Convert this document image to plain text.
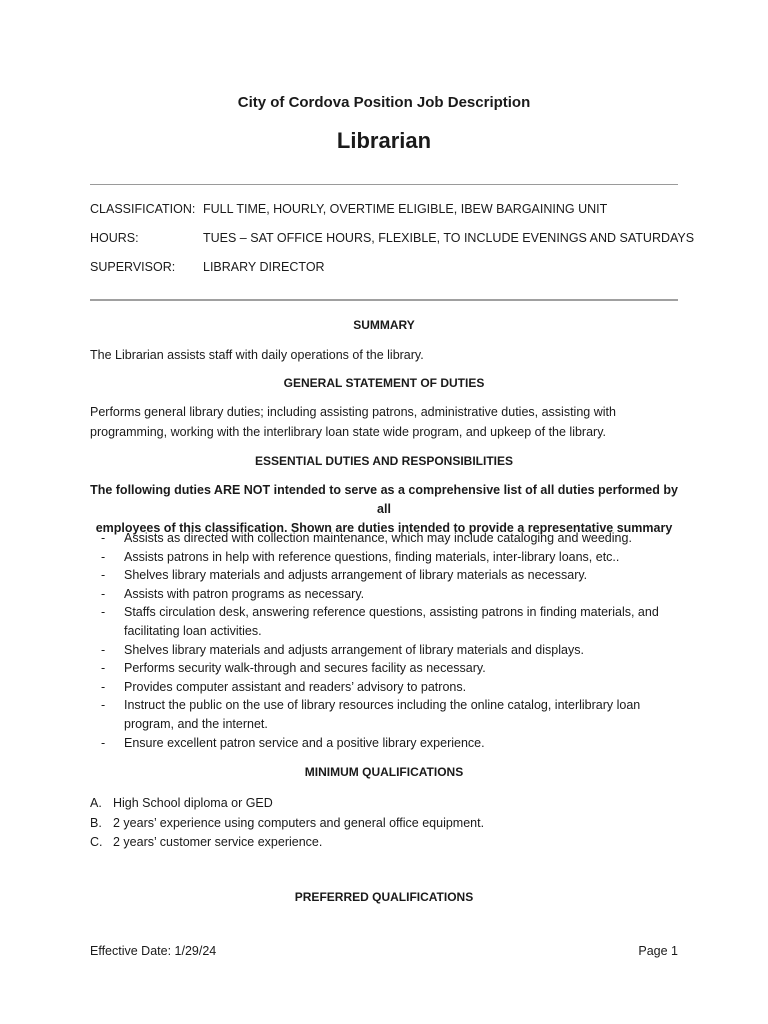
City of Cordova Position Job Description
Librarian
CLASSIFICATION: FULL TIME, HOURLY, OVERTIME ELIGIBLE, IBEW BARGAINING UNIT
HOURS:	TUES – SAT OFFICE HOURS, FLEXIBLE, TO INCLUDE EVENINGS AND SATURDAYS
SUPERVISOR: LIBRARY DIRECTOR
SUMMARY
The Librarian assists staff with daily operations of the library.
GENERAL STATEMENT OF DUTIES
Performs general library duties; including assisting patrons, administrative duties, assisting with
programming, working with the interlibrary loan state wide program, and upkeep of the library.
ESSENTIAL DUTIES AND RESPONSIBILITIES
The following duties ARE NOT intended to serve as a comprehensive list of all duties performed by all
employees of this classification. Shown are duties intended to provide a representative summary
- Assists as directed with collection maintenance, which may include cataloging and weeding.
- Assists patrons in help with reference questions, finding materials, inter-library loans, etc..
- Shelves library materials and adjusts arrangement of library materials as necessary.
- Assists with patron programs as necessary.
- Staffs circulation desk, answering reference questions, assisting patrons in finding materials, and facilitating loan activities.
- Shelves library materials and adjusts arrangement of library materials and displays.
- Performs security walk-through and secures facility as necessary.
- Provides computer assistant and readers’ advisory to patrons.
- Instruct the public on the use of library resources including the online catalog, interlibrary loan program, and the internet.
- Ensure excellent patron service and a positive library experience.
MINIMUM QUALIFICATIONS
A. High School diploma or GED
B. 2 years’ experience using computers and general office equipment.
C. 2 years’ customer service experience.
PREFERRED QUALIFICATIONS
Effective Date: 1/29/24	Page 1
